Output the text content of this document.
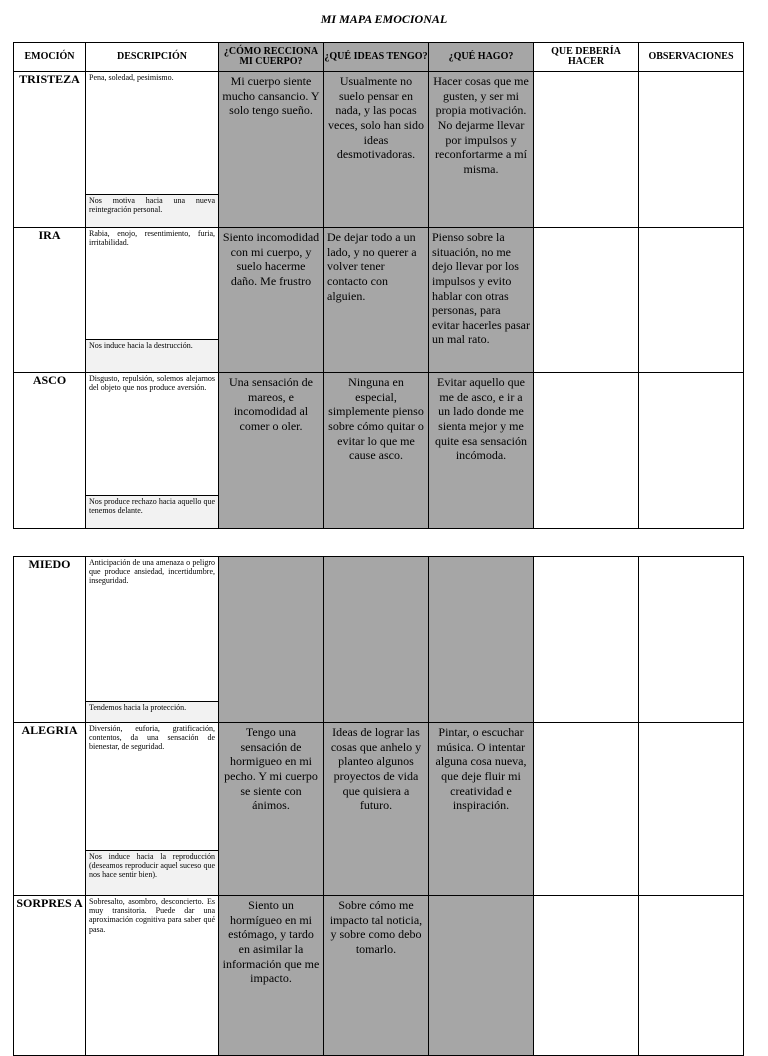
MI MAPA EMOCIONAL
EMOCIÓN	DESCRIPCIÓN	¿CÓMO RECCIONA MI CUERPO?	¿QUÉ IDEAS TENGO?	¿QUÉ HAGO?	QUE DEBERÍA HACER	OBSERVACIONES
TRISTEZA	Pena, soledad, pesimismo.
Nos motiva hacia una nueva reintegración personal.	Mi cuerpo siente mucho cansancio. Y solo tengo sueño.	Usualmente no suelo pensar en nada, y las pocas veces, solo han sido ideas desmotivadoras.	Hacer cosas que me gusten, y ser mi propia motivación. No dejarme llevar por impulsos y reconfortarme a mí misma.		

IRA	Rabia, enojo, resentimiento, furia, irritabilidad.
Nos induce hacia la destrucción.	Siento incomodidad con mi cuerpo, y suelo hacerme daño. Me frustro	De dejar todo a un lado, y no querer a volver tener contacto con alguien.	Pienso sobre la situación, no me dejo llevar por los impulsos y evito hablar con otras personas, para evitar hacerles pasar un mal rato.		

ASCO	Disgusto, repulsión, solemos alejarnos del objeto que nos produce aversión.
Nos produce rechazo hacia aquello que tenemos delante.	Una sensación de mareos, e incomodidad al comer o oler.	Ninguna en especial, simplemente pienso sobre cómo quitar o evitar lo que me cause asco.	Evitar aquello que me de asco, e ir a un lado donde me sienta mejor y me quite esa sensación incómoda.		

MIEDO	Anticipación de una amenaza o peligro que produce ansiedad, incertidumbre, inseguridad.
Tendemos hacia la protección.					

ALEGRIA	Diversión, euforia, gratificación, contentos, da una sensación de bienestar, de seguridad.
Nos induce hacia la reproducción (deseamos reproducir aquel suceso que nos hace sentir bien).	Tengo una sensación de hormigueo en mi pecho. Y mi cuerpo se siente con ánimos.	Ideas de lograr las cosas que anhelo y planteo algunos proyectos de vida que quisiera a futuro.	Pintar, o escuchar música. O intentar alguna cosa nueva, que deje fluir mi creatividad e inspiración.		

SORPRES A	Sobresalto, asombro, desconcierto. Es muy transitoria. Puede dar una aproximación cognitiva para saber qué pasa.	Siento un hormígueo en mi estómago, y tardo en asimilar la información que me impacto.	Sobre cómo me impacto tal noticia, y sobre como debo tomarlo.			
